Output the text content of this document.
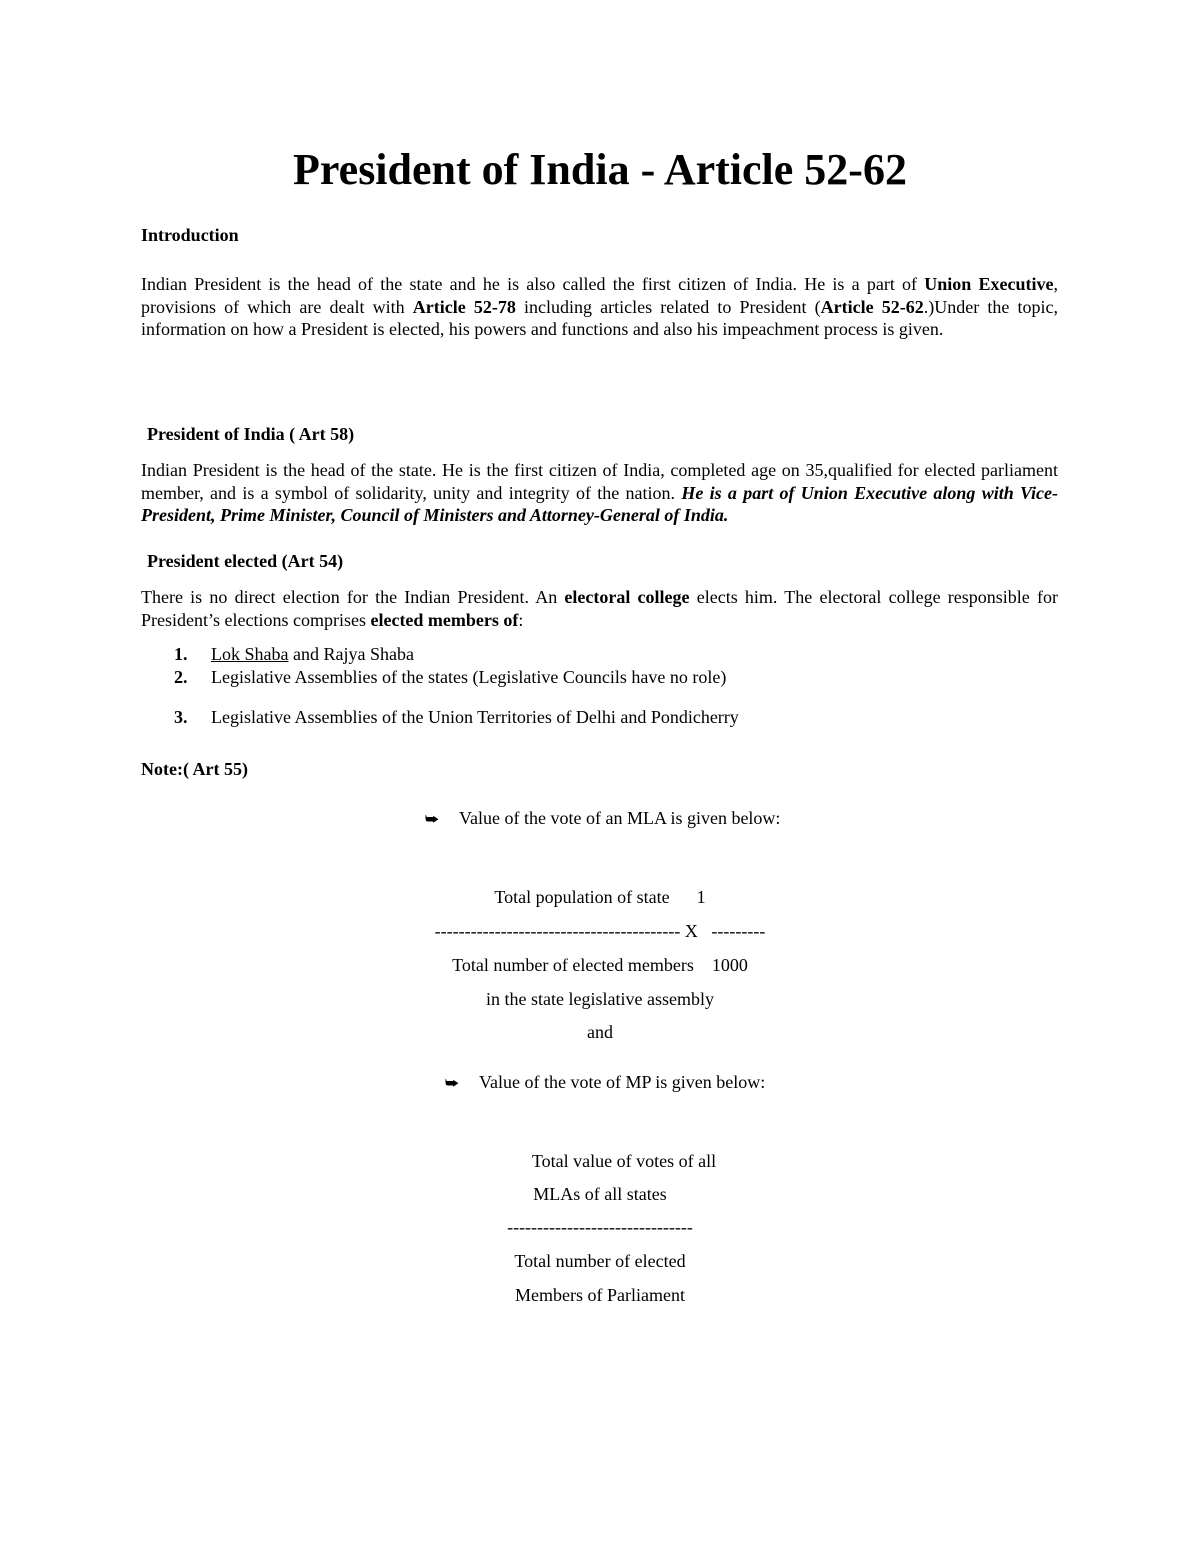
President of India - Article 52-62
Introduction
Indian President is the head of the state and he is also called the first citizen of India. He is a part of Union Executive, provisions of which are dealt with Article 52-78 including articles related to President (Article 52-62.)Under the topic, information on how a President is elected, his powers and functions and also his impeachment process is given.
President of India ( Art 58)
Indian President is the head of the state. He is the first citizen of India, completed age on 35,qualified for elected parliament member, and is a symbol of solidarity, unity and integrity of the nation. He is a part of Union Executive along with Vice-President, Prime Minister, Council of Ministers and Attorney-General of India.
President elected (Art 54)
There is no direct election for the Indian President. An electoral college elects him. The electoral college responsible for President’s elections comprises elected members of:
1. Lok Shaba and Rajya Shaba
2. Legislative Assemblies of the states (Legislative Councils have no role)
3. Legislative Assemblies of the Union Territories of Delhi and Pondicherry
Note:( Art 55)
⮩ Value of the vote of an MLA is given below:
Total population of state      1
----------------------------------------- X   ---------
Total number of elected members    1000
in the state legislative assembly
and
⮩ Value of the vote of MP is given below:
Total value of votes of all
MLAs of all states
-------------------------------
Total number of elected
Members of Parliament
